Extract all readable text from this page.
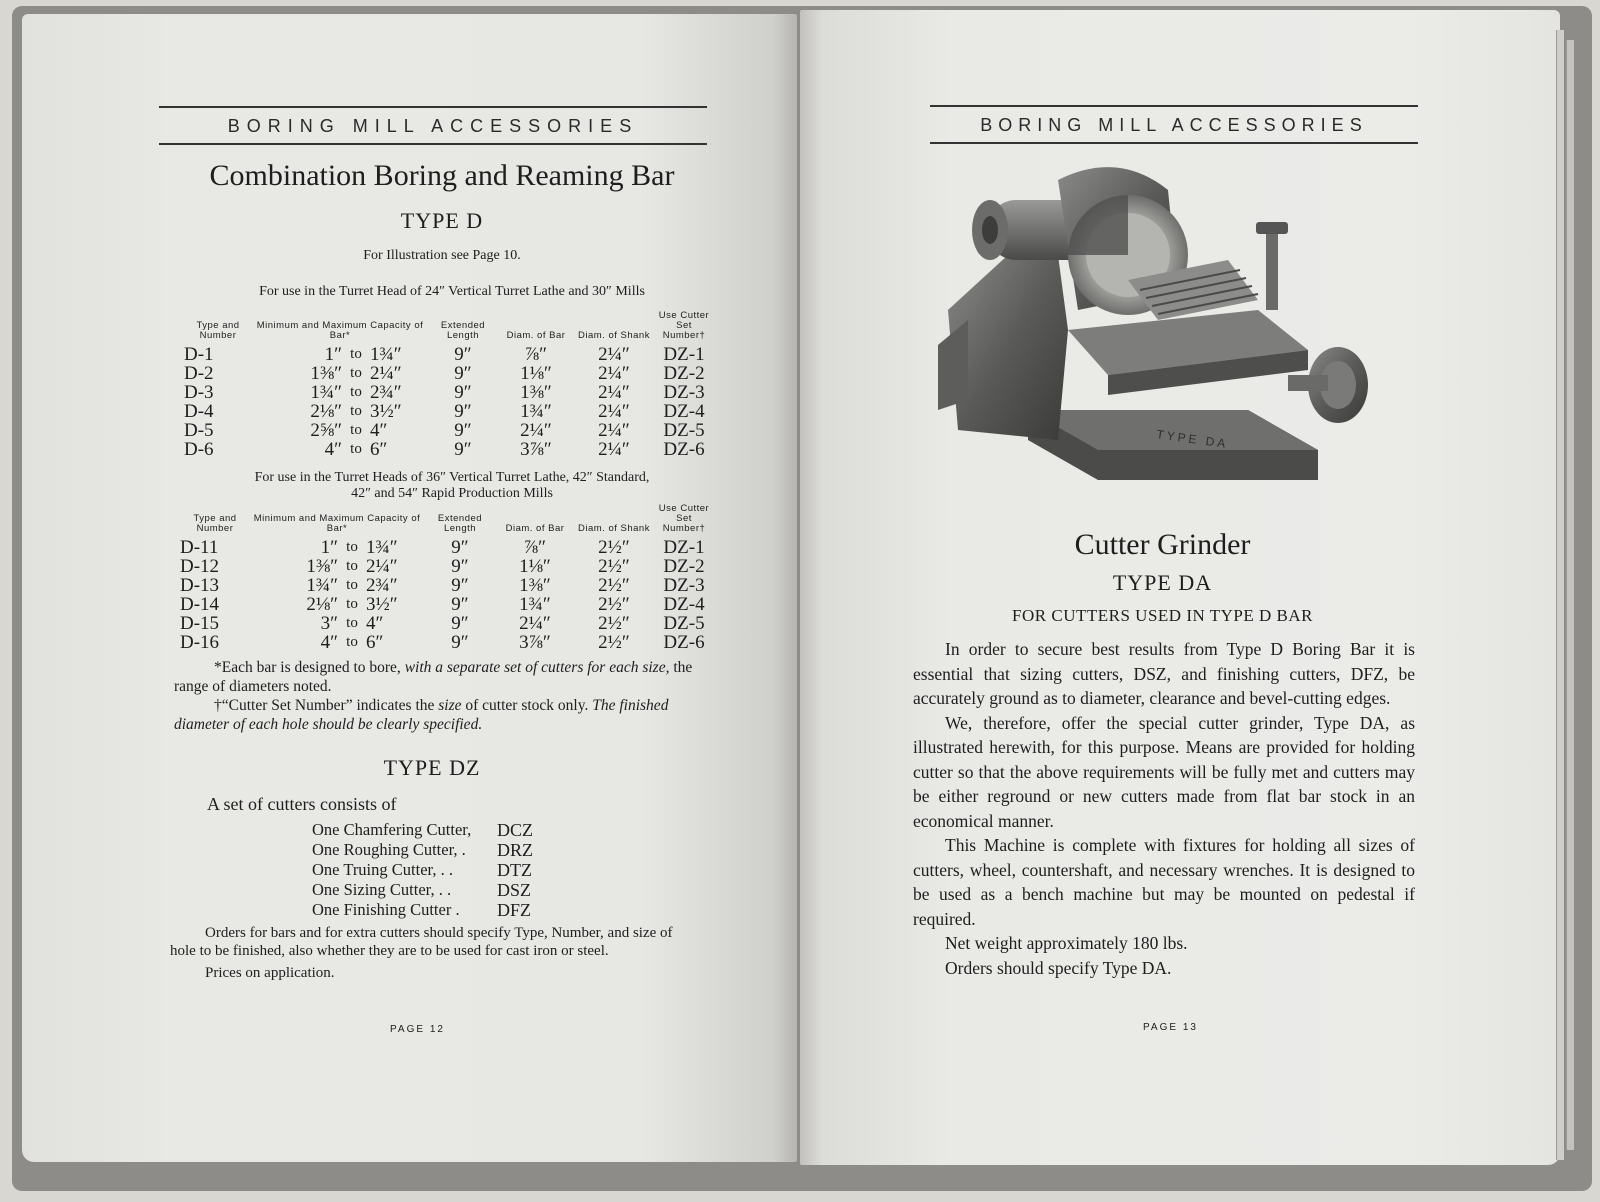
BORING MILL ACCESSORIES
Combination Boring and Reaming Bar
TYPE D
For Illustration see Page 10.
For use in the Turret Head of 24″ Vertical Turret Lathe and 30″ Mills
Type and Number	Minimum and Maximum Capacity of Bar*			Extended Length	Diam. of Bar	Diam. of Shank	Use Cutter Set Number†
D-1	1″	to	1¾″	9″	⅞″	2¼″	DZ-1
D-2	1⅜″	to	2¼″	9″	1⅛″	2¼″	DZ-2
D-3	1¾″	to	2¾″	9″	1⅜″	2¼″	DZ-3
D-4	2⅛″	to	3½″	9″	1¾″	2¼″	DZ-4
D-5	2⅝″	to	4″	9″	2¼″	2¼″	DZ-5
D-6	4″	to	6″	9″	3⅞″	2¼″	DZ-6
For use in the Turret Heads of 36″ Vertical Turret Lathe, 42″ Standard,
42″ and 54″ Rapid Production Mills
Type and Number	Minimum and Maximum Capacity of Bar*			Extended Length	Diam. of Bar	Diam. of Shank	Use Cutter Set Number†
D-11	1″	to	1¾″	9″	⅞″	2½″	DZ-1
D-12	1⅜″	to	2¼″	9″	1⅛″	2½″	DZ-2
D-13	1¾″	to	2¾″	9″	1⅜″	2½″	DZ-3
D-14	2⅛″	to	3½″	9″	1¾″	2½″	DZ-4
D-15	3″	to	4″	9″	2¼″	2½″	DZ-5
D-16	4″	to	6″	9″	3⅞″	2½″	DZ-6

*Each bar is designed to bore, with a separate set of cutters for each size, the range of diameters noted.

†“Cutter Set Number” indicates the size of cutter stock only. The finished diameter of each hole should be clearly specified.

TYPE DZ
A set of cutters consists of
One Chamfering Cutter,	DCZ
One Roughing Cutter, .	DRZ
One Truing Cutter, . .	DTZ
One Sizing Cutter, . .	DSZ
One Finishing Cutter .	DFZ

Orders for bars and for extra cutters should specify Type, Number, and size of hole to be finished, also whether they are to be used for cast iron or steel.

Prices on application.

PAGE 12
BORING MILL ACCESSORIES
TYPE DA
Cutter Grinder
TYPE DA
FOR CUTTERS USED IN TYPE D BAR

In order to secure best results from Type D Boring Bar it is essential that sizing cutters, DSZ, and finishing cutters, DFZ, be accurately ground as to diameter, clearance and bevel-cutting edges.

We, therefore, offer the special cutter grinder, Type DA, as illustrated herewith, for this purpose. Means are provided for holding cutter so that the above requirements will be fully met and cutters may be either reground or new cutters made from flat bar stock in an economical manner.

This Machine is complete with fixtures for holding all sizes of cutters, wheel, countershaft, and necessary wrenches. It is designed to be used as a bench machine but may be mounted on pedestal if required.

Net weight approximately 180 lbs.

Orders should specify Type DA.

PAGE 13
